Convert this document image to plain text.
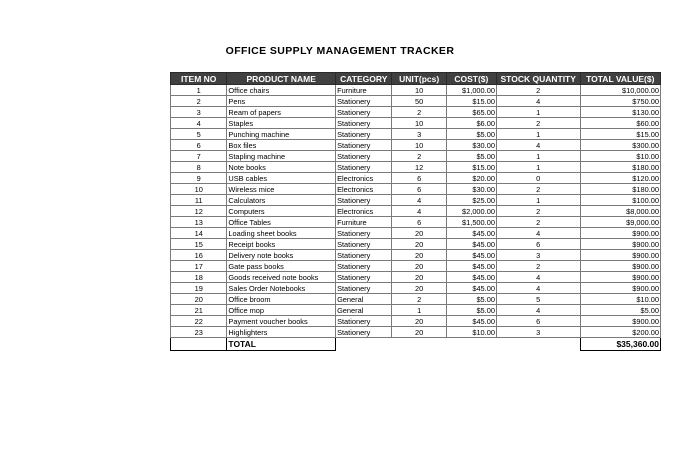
OFFICE SUPPLY MANAGEMENT TRACKER
ITEM NO	PRODUCT NAME	CATEGORY	UNIT(pcs)	COST($)	STOCK QUANTITY	TOTAL VALUE($)
1	Office chairs	Furniture	10	$1,000.00	2	$10,000.00
2	Pens	Stationery	50	$15.00	4	$750.00
3	Ream of papers	Stationery	2	$65.00	1	$130.00
4	Staples	Stationery	10	$6.00	2	$60.00
5	Punching machine	Stationery	3	$5.00	1	$15.00
6	Box files	Stationery	10	$30.00	4	$300.00
7	Stapling machine	Stationery	2	$5.00	1	$10.00
8	Note books	Stationery	12	$15.00	1	$180.00
9	USB cables	Electronics	6	$20.00	0	$120.00
10	Wireless mice	Electronics	6	$30.00	2	$180.00
11	Calculators	Stationery	4	$25.00	1	$100.00
12	Computers	Electronics	4	$2,000.00	2	$8,000.00
13	Office Tables	Furniture	6	$1,500.00	2	$9,000.00
14	Loading sheet books	Stationery	20	$45.00	4	$900.00
15	Receipt books	Stationery	20	$45.00	6	$900.00
16	Delivery note books	Stationery	20	$45.00	3	$900.00
17	Gate pass books	Stationery	20	$45.00	2	$900.00
18	Goods received note books	Stationery	20	$45.00	4	$900.00
19	Sales Order Notebooks	Stationery	20	$45.00	4	$900.00
20	Office broom	General	2	$5.00	5	$10.00
21	Office mop	General	1	$5.00	4	$5.00
22	Payment voucher books	Stationery	20	$45.00	6	$900.00
23	Highlighters	Stationery	20	$10.00	3	$200.00
	TOTAL					$35,360.00
